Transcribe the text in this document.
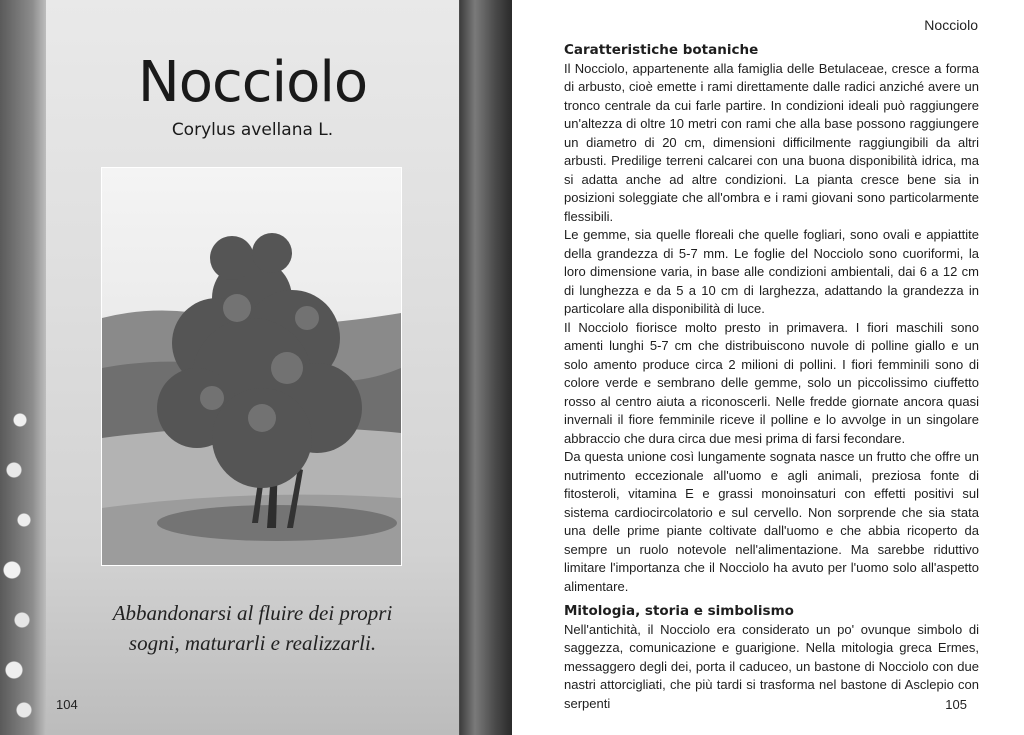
Nocciolo
Corylus avellana L.
Abbandonarsi al fluire dei propri
sogni, maturarli e realizzarli.
104
Nocciolo
Caratteristiche botaniche

Il Nocciolo, appartenente alla famiglia delle Betulaceae, cresce a forma di arbusto, cioè emette i rami direttamente dalle radici anziché avere un tronco centrale da cui farle partire. In condizioni ideali può raggiungere un'altezza di oltre 10 metri con rami che alla base possono raggiungere un diametro di 20 cm, dimensioni difficilmente raggiungibili da altri arbusti. Predilige terreni calcarei con una buona disponibilità idrica, ma si adatta anche ad altre condizioni. La pianta cresce bene sia in posizioni soleggiate che all'ombra e i rami giovani sono particolarmente flessibili.

Le gemme, sia quelle floreali che quelle fogliari, sono ovali e appiattite della grandezza di 5-7 mm. Le foglie del Nocciolo sono cuoriformi, la loro dimensione varia, in base alle condizioni ambientali, dai 6 a 12 cm di lunghezza e da 5 a 10 cm di larghezza, adattando la grandezza in particolare alla disponibilità di luce.

Il Nocciolo fiorisce molto presto in primavera. I fiori maschili sono amenti lunghi 5-7 cm che distribuiscono nuvole di polline giallo e un solo amento produce circa 2 milioni di pollini. I fiori femminili sono di colore verde e sembrano delle gemme, solo un piccolissimo ciuffetto rosso al centro aiuta a riconoscerli. Nelle fredde giornate ancora quasi invernali il fiore femminile riceve il polline e lo avvolge in un singolare abbraccio che dura circa due mesi prima di farsi fecondare.

Da questa unione così lungamente sognata nasce un frutto che offre un nutrimento eccezionale all'uomo e agli animali, preziosa fonte di fitosteroli, vitamina E e grassi monoinsaturi con effetti positivi sul sistema cardiocircolatorio e sul cervello. Non sorprende che sia stata una delle prime piante coltivate dall'uomo e che abbia ricoperto da sempre un ruolo notevole nell'alimentazione. Ma sarebbe riduttivo limitare l'importanza che il Nocciolo ha avuto per l'uomo solo all'aspetto alimentare.

Mitologia, storia e simbolismo

Nell'antichità, il Nocciolo era considerato un po' ovunque simbolo di saggezza, comunicazione e guarigione. Nella mitologia greca Ermes, messaggero degli dei, porta il caduceo, un bastone di Nocciolo con due nastri attorcigliati, che più tardi si trasforma nel bastone di Asclepio con serpenti	105
